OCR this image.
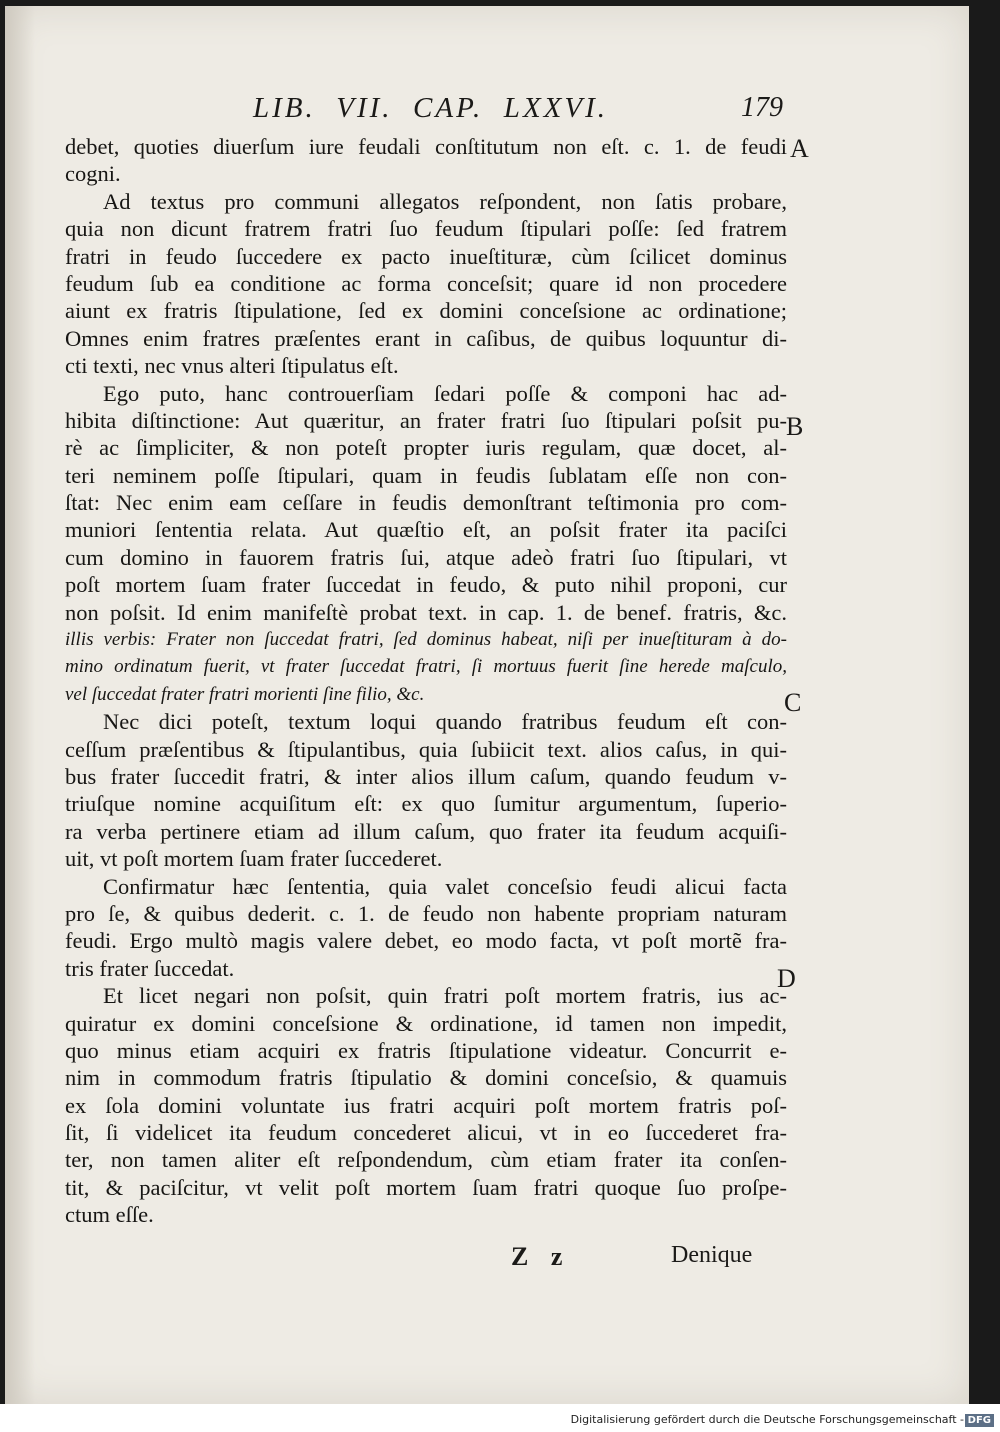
LIB.  VII.  CAP.  LXXVI.	179
debet, quoties diuerſum iure feudali conſtitutum non eſt. c. 1. de feudi
cogni.
Ad textus pro communi allegatos reſpondent, non ſatis probare,
quia non dicunt fratrem fratri ſuo feudum ſtipulari poſſe: ſed fratrem
fratri in feudo ſuccedere ex pacto inueſtituræ, cùm ſcilicet dominus
feudum ſub ea conditione ac forma conceſsit; quare id non procedere
aiunt ex fratris ſtipulatione, ſed ex domini conceſsione ac ordinatione;
Omnes enim fratres præſentes erant in caſibus, de quibus loquuntur di-
cti texti, nec vnus alteri ſtipulatus eſt.
Ego puto, hanc controuerſiam ſedari poſſe & componi hac ad-
hibita diſtinctione: Aut quæritur, an frater fratri ſuo ſtipulari poſsit pu-
rè ac ſimpliciter, & non poteſt propter iuris regulam, quæ docet, al-
teri neminem poſſe ſtipulari, quam in feudis ſublatam eſſe non con-
ſtat: Nec enim eam ceſſare in feudis demonſtrant teſtimonia pro com-
muniori ſententia relata. Aut quæſtio eſt, an poſsit frater ita paciſci
cum domino in fauorem fratris ſui, atque adeò fratri ſuo ſtipulari, vt
poſt mortem ſuam frater ſuccedat in feudo, & puto nihil proponi, cur
non poſsit. Id enim manifeſtè probat text. in cap. 1. de benef. fratris, &c.
illis verbis: Frater non ſuccedat fratri, ſed dominus habeat, niſi per inueſtituram à do-
mino ordinatum fuerit, vt frater ſuccedat fratri, ſi mortuus fuerit ſine herede maſculo,
vel ſuccedat frater fratri morienti ſine filio, &c.
Nec dici poteſt, textum loqui quando fratribus feudum eſt con-
ceſſum præſentibus & ſtipulantibus, quia ſubiicit text. alios caſus, in qui-
bus frater ſuccedit fratri, & inter alios illum caſum, quando feudum v-
triuſque nomine acquiſitum eſt: ex quo ſumitur argumentum, ſuperio-
ra verba pertinere etiam ad illum caſum, quo frater ita feudum acquiſi-
uit, vt poſt mortem ſuam frater ſuccederet.
Confirmatur hæc ſententia, quia valet conceſsio feudi alicui facta
pro ſe, & quibus dederit. c. 1. de feudo non habente propriam naturam
feudi. Ergo multò magis valere debet, eo modo facta, vt poſt mortẽ fra-
tris frater ſuccedat.
Et licet negari non poſsit, quin fratri poſt mortem fratris, ius ac-
quiratur ex domini conceſsione & ordinatione, id tamen non impedit,
quo minus etiam acquiri ex fratris ſtipulatione videatur. Concurrit e-
nim in commodum fratris ſtipulatio & domini conceſsio, & quamuis
ex ſola domini voluntate ius fratri acquiri poſt mortem fratris poſ-
ſit, ſi videlicet ita feudum concederet alicui, vt in eo ſuccederet fra-
ter, non tamen aliter eſt reſpondendum, cùm etiam frater ita conſen-
tit, & paciſcitur, vt velit poſt mortem ſuam fratri quoque ſuo proſpe-
ctum eſſe.
A
B
C
D
Z z	Denique
Digitalisierung gefördert durch die Deutsche Forschungsgemeinschaft - DFG
